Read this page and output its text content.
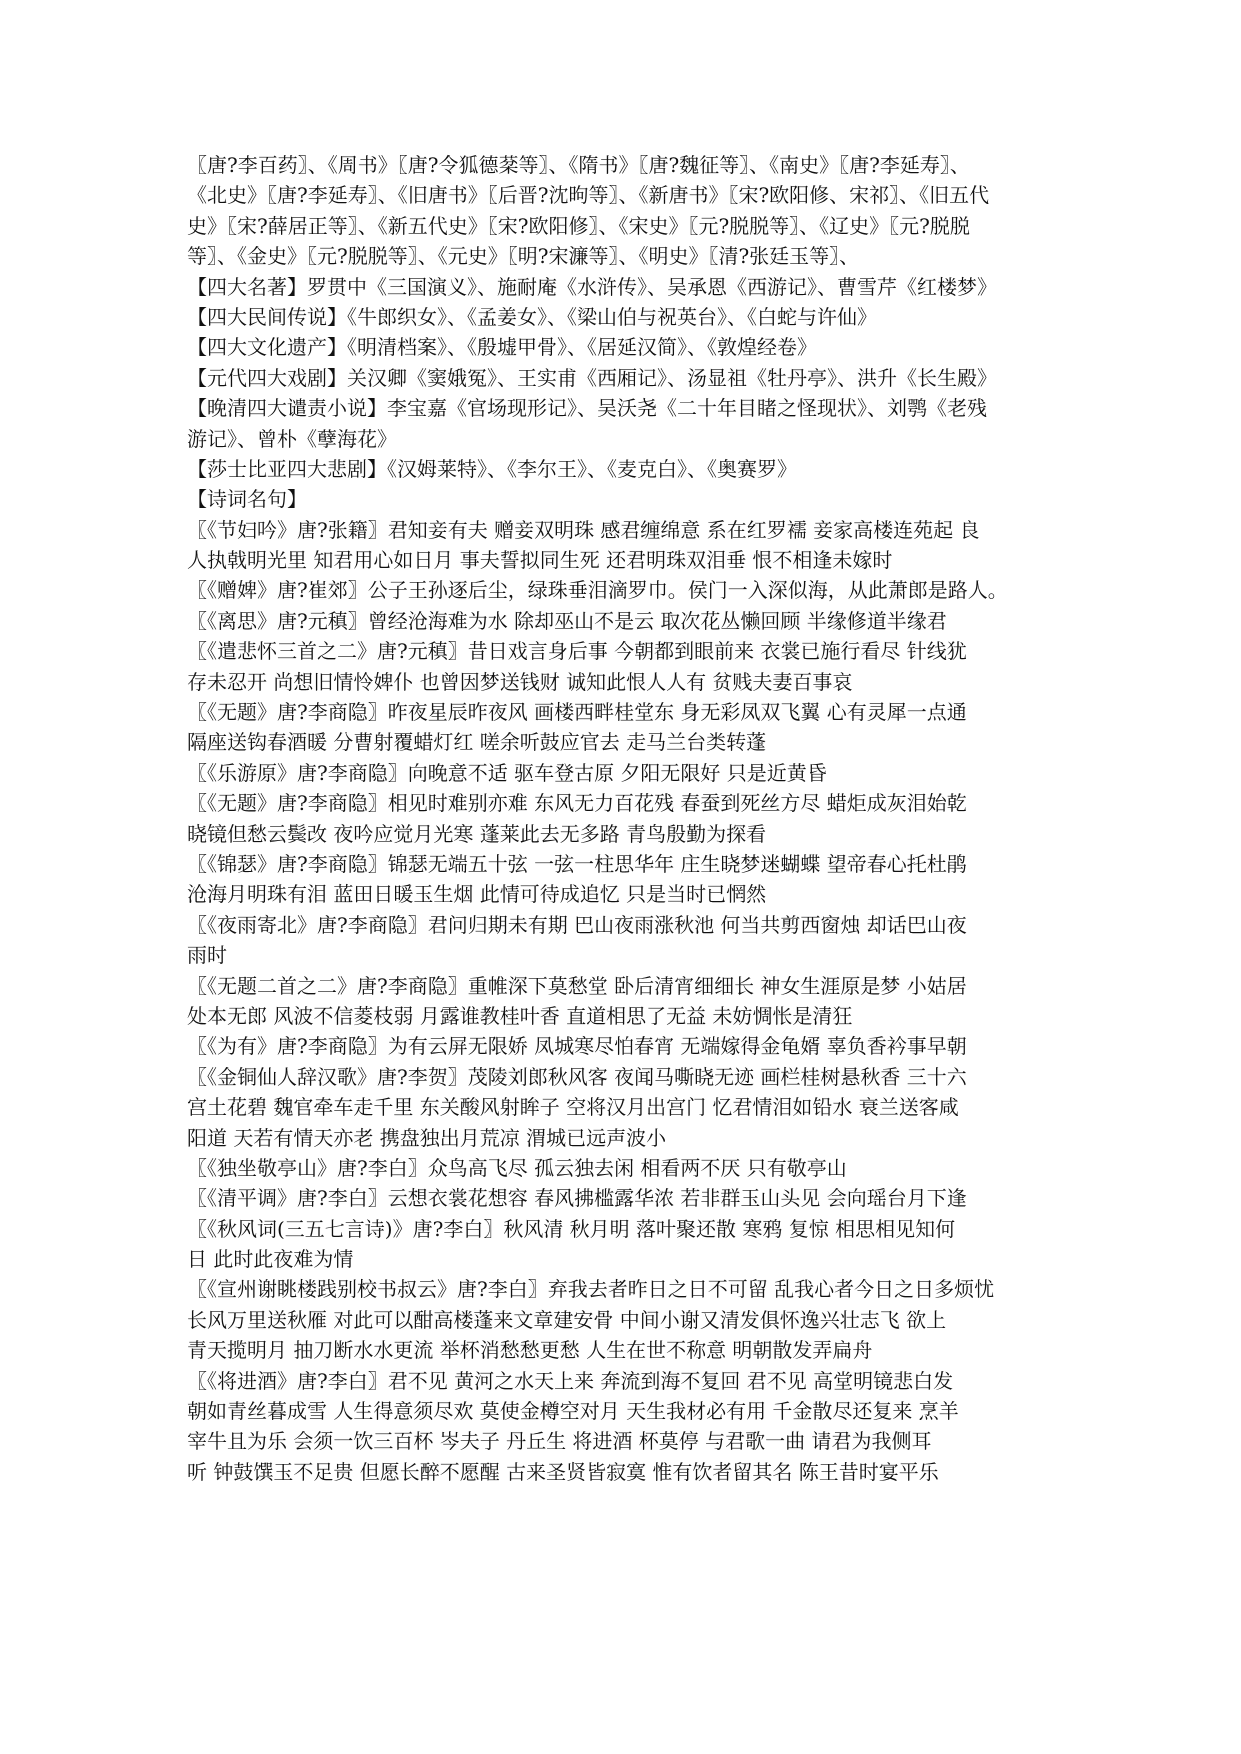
〖唐?李百药〗、《周书》〖唐?令狐德棻等〗、《隋书》〖唐?魏征等〗、《南史》〖唐?李延寿〗、
《北史》〖唐?李延寿〗、《旧唐书》〖后晋?沈昫等〗、《新唐书》〖宋?欧阳修、宋祁〗、《旧五代
史》〖宋?薛居正等〗、《新五代史》〖宋?欧阳修〗、《宋史》〖元?脱脱等〗、《辽史》〖元?脱脱
等〗、《金史》〖元?脱脱等〗、《元史》〖明?宋濂等〗、《明史》〖清?张廷玉等〗、
【四大名著】罗贯中《三国演义》、施耐庵《水浒传》、吴承恩《西游记》、曹雪芹《红楼梦》
【四大民间传说】《牛郎织女》、《孟姜女》、《梁山伯与祝英台》、《白蛇与许仙》
【四大文化遗产】《明清档案》、《殷墟甲骨》、《居延汉简》、《敦煌经卷》
【元代四大戏剧】关汉卿《窦娥冤》、王实甫《西厢记》、汤显祖《牡丹亭》、洪升《长生殿》
【晚清四大谴责小说】李宝嘉《官场现形记》、吴沃尧《二十年目睹之怪现状》、刘鹗《老残
游记》、曾朴《孽海花》
【莎士比亚四大悲剧】《汉姆莱特》、《李尔王》、《麦克白》、《奥赛罗》
【诗词名句】
〖《节妇吟》唐?张籍〗君知妾有夫 赠妾双明珠 感君缠绵意 系在红罗襦 妾家高楼连苑起 良
人执戟明光里 知君用心如日月 事夫誓拟同生死 还君明珠双泪垂 恨不相逢未嫁时
〖《赠婢》唐?崔郊〗公子王孙逐后尘，绿珠垂泪滴罗巾。侯门一入深似海，从此萧郎是路人。
〖《离思》唐?元稹〗曾经沧海难为水 除却巫山不是云 取次花丛懒回顾 半缘修道半缘君
〖《遣悲怀三首之二》唐?元稹〗昔日戏言身后事 今朝都到眼前来 衣裳已施行看尽 针线犹
存未忍开 尚想旧情怜婢仆 也曾因梦送钱财 诚知此恨人人有 贫贱夫妻百事哀
〖《无题》唐?李商隐〗昨夜星辰昨夜风 画楼西畔桂堂东 身无彩凤双飞翼 心有灵犀一点通
隔座送钩春酒暖 分曹射覆蜡灯红 嗟余听鼓应官去 走马兰台类转蓬
〖《乐游原》唐?李商隐〗向晚意不适 驱车登古原 夕阳无限好 只是近黄昏
〖《无题》唐?李商隐〗相见时难别亦难 东风无力百花残 春蚕到死丝方尽 蜡炬成灰泪始乾
晓镜但愁云鬓改 夜吟应觉月光寒 蓬莱此去无多路 青鸟殷勤为探看
〖《锦瑟》唐?李商隐〗锦瑟无端五十弦 一弦一柱思华年 庄生晓梦迷蝴蝶 望帝春心托杜鹃
沧海月明珠有泪 蓝田日暖玉生烟 此情可待成追忆 只是当时已惘然
〖《夜雨寄北》唐?李商隐〗君问归期未有期 巴山夜雨涨秋池 何当共剪西窗烛 却话巴山夜
雨时
〖《无题二首之二》唐?李商隐〗重帷深下莫愁堂 卧后清宵细细长 神女生涯原是梦 小姑居
处本无郎 风波不信菱枝弱 月露谁教桂叶香 直道相思了无益 未妨惆怅是清狂
〖《为有》唐?李商隐〗为有云屏无限娇 凤城寒尽怕春宵 无端嫁得金龟婿 辜负香衿事早朝
〖《金铜仙人辞汉歌》唐?李贺〗茂陵刘郎秋风客 夜闻马嘶晓无迹 画栏桂树悬秋香 三十六
宫土花碧 魏官牵车走千里 东关酸风射眸子 空将汉月出宫门 忆君情泪如铅水 衰兰送客咸
阳道 天若有情天亦老 携盘独出月荒凉 渭城已远声波小
〖《独坐敬亭山》唐?李白〗众鸟高飞尽 孤云独去闲 相看两不厌 只有敬亭山
〖《清平调》唐?李白〗云想衣裳花想容 春风拂槛露华浓 若非群玉山头见 会向瑶台月下逢
〖《秋风词(三五七言诗)》唐?李白〗秋风清 秋月明 落叶聚还散 寒鸦 复惊 相思相见知何
日 此时此夜难为情
〖《宣州谢眺楼践别校书叔云》唐?李白〗弃我去者昨日之日不可留 乱我心者今日之日多烦忧
长风万里送秋雁 对此可以酣高楼蓬来文章建安骨 中间小谢又清发俱怀逸兴壮志飞 欲上
青天揽明月 抽刀断水水更流 举杯消愁愁更愁 人生在世不称意 明朝散发弄扁舟
〖《将进酒》唐?李白〗君不见 黄河之水天上来 奔流到海不复回 君不见 高堂明镜悲白发
朝如青丝暮成雪 人生得意须尽欢 莫使金樽空对月 天生我材必有用 千金散尽还复来 烹羊
宰牛且为乐 会须一饮三百杯 岑夫子 丹丘生 将进酒 杯莫停 与君歌一曲 请君为我侧耳
听 钟鼓馔玉不足贵 但愿长醉不愿醒 古来圣贤皆寂寞 惟有饮者留其名 陈王昔时宴平乐
